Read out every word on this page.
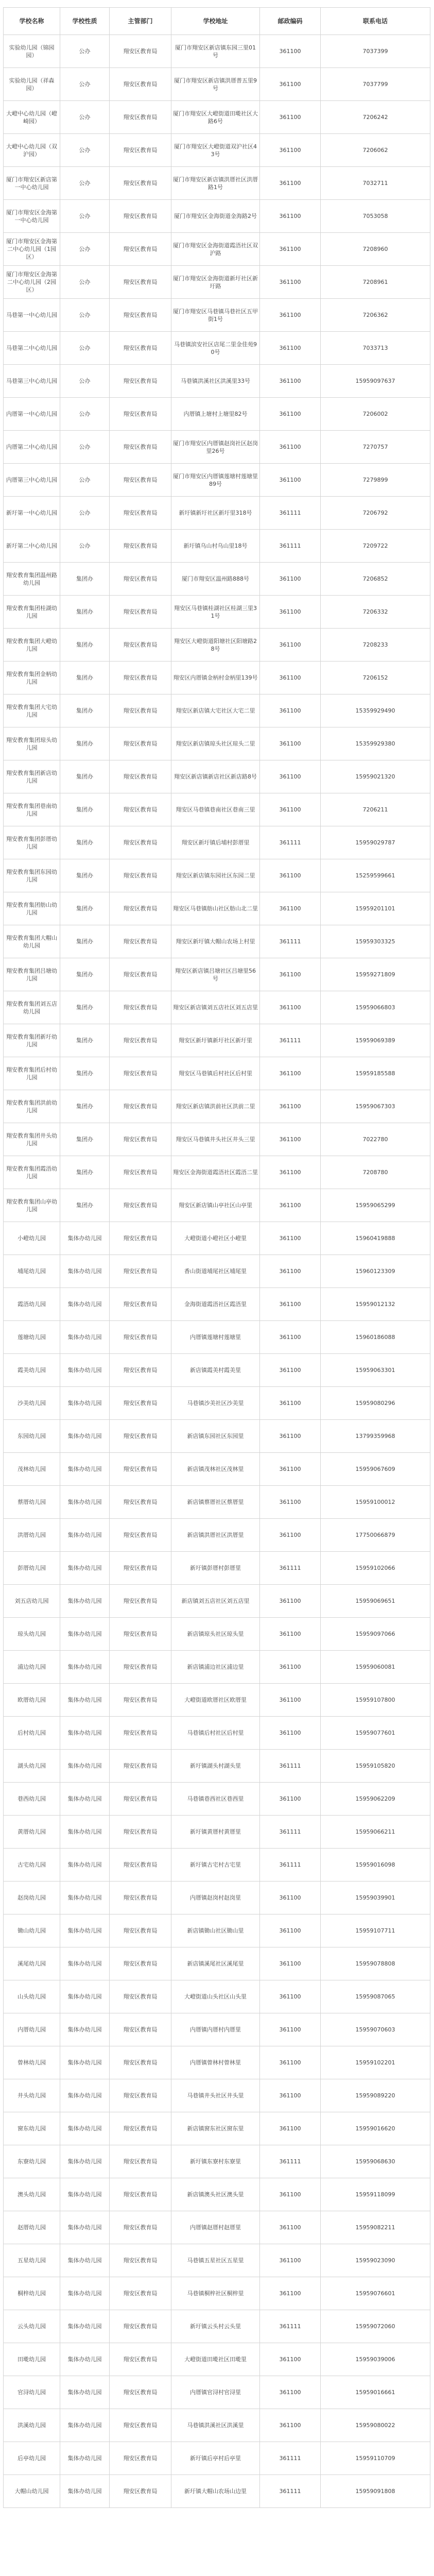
学校名称	学校性质	主管部门	学校地址	邮政编码	联系电话
实验幼儿园（锦园园）	公办	翔安区教育局	厦门市翔安区新店镇东园三里01号	361100	7037399
实验幼儿园（祥森园）	公办	翔安区教育局	厦门市翔安区新店镇洪厝普五里9号	361100	7037799
大嶝中心幼儿园（嶝崎园）	公办	翔安区教育局	厦门市翔安区大嶝街道田墘社区大路6号	361100	7206242
大嶝中心幼儿园（双沪园）	公办	翔安区教育局	厦门市翔安区大嶝街道双沪社区43号	361100	7206062
厦门市翔安区新店第一中心幼儿园	公办	翔安区教育局	厦门市翔安区新店镇洪厝社区洪厝路1号	361100	7032711
厦门市翔安区金海第一中心幼儿园	公办	翔安区教育局	厦门市翔安区金海街道金海路2号	361100	7053058
厦门市翔安区金海第二中心幼儿园（1园区）	公办	翔安区教育局	厦门市翔安区金海街道霞浯社区双沪路	361100	7208960
厦门市翔安区金海第二中心幼儿园（2园区）	公办	翔安区教育局	厦门市翔安区金海街道新圩社区新圩路	361100	7208961
马巷第一中心幼儿园	公办	翔安区教育局	厦门市翔安区马巷镇马巷社区五甲街1号	361100	7206362
马巷第二中心幼儿园	公办	翔安区教育局	马巷镇滨安社区店尾二里金佳苑90号	361100	7033713
马巷第三中心幼儿园	公办	翔安区教育局	马巷镇洪溪社区洪溪里33号	361100	15959097637
内厝第一中心幼儿园	公办	翔安区教育局	内厝镇上塘村上塘里82号	361100	7206002
内厝第二中心幼儿园	公办	翔安区教育局	厦门市翔安区内厝镇赵岗社区赵岗里26号	361100	7270757
内厝第三中心幼儿园	公办	翔安区教育局	厦门市翔安区内厝镇莲塘村莲塘里89号	361100	7279899
新圩第一中心幼儿园	公办	翔安区教育局	新圩镇新圩社区新圩里318号	361111	7206792
新圩第二中心幼儿园	公办	翔安区教育局	新圩镇乌山村乌山里18号	361111	7209722
翔安教育集团温州路幼儿园	集团办	翔安区教育局	厦门市翔安区温州路888号	361100	7206852
翔安教育集团桂湖幼儿园	集团办	翔安区教育局	翔安区马巷镇桂湖社区桂湖三里31号	361100	7206332
翔安教育集团大嶝幼儿园	集团办	翔安区教育局	翔安区大嶝街道阳塘社区阳塘路28号	361100	7208233
翔安教育集团金柄幼儿园	集团办	翔安区教育局	翔安区内厝镇金柄村金柄里139号	361100	7206152
翔安教育集团大宅幼儿园	集团办	翔安区教育局	翔安区新店镇大宅社区大宅二里	361100	15359929490
翔安教育集团琼头幼儿园	集团办	翔安区教育局	翔安区新店镇琼头社区琼头二里	361100	15359929380
翔安教育集团新店幼儿园	集团办	翔安区教育局	翔安区新店镇新店社区新店路8号	361100	15959021320
翔安教育集团巷南幼儿园	集团办	翔安区教育局	翔安区马巷镇巷南社区巷南三里	361100	7206211
翔安教育集团彭厝幼儿园	集团办	翔安区教育局	翔安区新圩镇后埔村彭厝里	361111	15959029787
翔安教育集团东园幼儿园	集团办	翔安区教育局	翔安区新店镇东园社区东园二里	361100	15259599661
翔安教育集团舫山幼儿园	集团办	翔安区教育局	翔安区马巷镇舫山社区舫山北二里	361100	15959201101
翔安教育集团大帽山幼儿园	集团办	翔安区教育局	翔安区新圩镇大帽山农场上村里	361111	15959303325
翔安教育集团吕塘幼儿园	集团办	翔安区教育局	翔安区新店镇吕塘社区吕塘里56号	361100	15959271809
翔安教育集团刘五店幼儿园	集团办	翔安区教育局	翔安区新店镇刘五店社区刘五店里	361100	15959066803
翔安教育集团新圩幼儿园	集团办	翔安区教育局	翔安区新圩镇新圩社区新圩里	361111	15959069389
翔安教育集团后村幼儿园	集团办	翔安区教育局	翔安区马巷镇后村社区后村里	361100	15959185588
翔安教育集团洪前幼儿园	集团办	翔安区教育局	翔安区新店镇洪前社区洪前二里	361100	15959067303
翔安教育集团井头幼儿园	集团办	翔安区教育局	翔安区马巷镇井头社区井头三里	361100	7022780
翔安教育集团霞浯幼儿园	集团办	翔安区教育局	翔安区金海街道霞浯社区霞浯二里	361100	7208780
翔安教育集团山亭幼儿园	集团办	翔安区教育局	翔安区新店镇山亭社区山亭里	361100	15959065299
小嶝幼儿园	集体办幼儿园	翔安区教育局	大嶝街道小嶝社区小嶝里	361100	15960419888
埔尾幼儿园	集体办幼儿园	翔安区教育局	香山街道埔尾社区埔尾里	361100	15960123309
霞浯幼儿园	集体办幼儿园	翔安区教育局	金海街道霞浯社区霞浯里	361100	15959012132
莲塘幼儿园	集体办幼儿园	翔安区教育局	内厝镇莲塘村莲塘里	361100	15960186088
霞美幼儿园	集体办幼儿园	翔安区教育局	新店镇霞美村霞美里	361100	15959063301
沙美幼儿园	集体办幼儿园	翔安区教育局	马巷镇沙美社区沙美里	361100	15959080296
东园幼儿园	集体办幼儿园	翔安区教育局	新店镇东园社区东园里	361100	13799359968
茂林幼儿园	集体办幼儿园	翔安区教育局	新店镇茂林社区茂林里	361100	15959067609
蔡厝幼儿园	集体办幼儿园	翔安区教育局	新店镇蔡厝社区蔡厝里	361100	15959100012
洪厝幼儿园	集体办幼儿园	翔安区教育局	新店镇洪厝社区洪厝里	361100	17750066879
彭厝幼儿园	集体办幼儿园	翔安区教育局	新圩镇彭厝村彭厝里	361111	15959102066
刘五店幼儿园	集体办幼儿园	翔安区教育局	新店镇刘五店社区刘五店里	361100	15959069651
琼头幼儿园	集体办幼儿园	翔安区教育局	新店镇琼头社区琼头里	361100	15959097066
浦边幼儿园	集体办幼儿园	翔安区教育局	新店镇浦边社区浦边里	361100	15959060081
欧厝幼儿园	集体办幼儿园	翔安区教育局	大嶝街道欧厝社区欧厝里	361100	15959107800
后村幼儿园	集体办幼儿园	翔安区教育局	马巷镇后村社区后村里	361100	15959077601
湖头幼儿园	集体办幼儿园	翔安区教育局	新圩镇湖头村湖头里	361111	15959105820
巷西幼儿园	集体办幼儿园	翔安区教育局	马巷镇巷西社区巷西里	361100	15959062209
黄厝幼儿园	集体办幼儿园	翔安区教育局	新圩镇黄厝村黄厝里	361111	15959066211
古宅幼儿园	集体办幼儿园	翔安区教育局	新圩镇古宅村古宅里	361111	15959016098
赵岗幼儿园	集体办幼儿园	翔安区教育局	内厝镇赵岗村赵岗里	361100	15959039901
锄山幼儿园	集体办幼儿园	翔安区教育局	新店镇锄山社区锄山里	361100	15959107711
溪尾幼儿园	集体办幼儿园	翔安区教育局	新店镇溪尾社区溪尾里	361100	15959078808
山头幼儿园	集体办幼儿园	翔安区教育局	大嶝街道山头社区山头里	361100	15959087065
内厝幼儿园	集体办幼儿园	翔安区教育局	内厝镇内厝村内厝里	361100	15959070603
曾林幼儿园	集体办幼儿园	翔安区教育局	内厝镇曾林村曾林里	361100	15959102201
井头幼儿园	集体办幼儿园	翔安区教育局	马巷镇井头社区井头里	361100	15959089220
窗东幼儿园	集体办幼儿园	翔安区教育局	新店镇窗东社区窗东里	361100	15959016620
东寮幼儿园	集体办幼儿园	翔安区教育局	新圩镇东寮村东寮里	361111	15959068630
澳头幼儿园	集体办幼儿园	翔安区教育局	新店镇澳头社区澳头里	361100	15959118099
赵厝幼儿园	集体办幼儿园	翔安区教育局	内厝镇赵厝村赵厝里	361100	15959082211
五星幼儿园	集体办幼儿园	翔安区教育局	马巷镇五星社区五星里	361100	15959023090
桐梓幼儿园	集体办幼儿园	翔安区教育局	马巷镇桐梓社区桐梓里	361100	15959076601
云头幼儿园	集体办幼儿园	翔安区教育局	新圩镇云头村云头里	361111	15959072060
田墘幼儿园	集体办幼儿园	翔安区教育局	大嶝街道田墘社区田墘里	361100	15959039006
官浔幼儿园	集体办幼儿园	翔安区教育局	内厝镇官浔村官浔里	361100	15959016661
洪溪幼儿园	集体办幼儿园	翔安区教育局	马巷镇洪溪社区洪溪里	361100	15959080022
后亭幼儿园	集体办幼儿园	翔安区教育局	新圩镇后亭村后亭里	361111	15959110709
大帽山幼儿园	集体办幼儿园	翔安区教育局	新圩镇大帽山农场山边里	361111	15959091808
